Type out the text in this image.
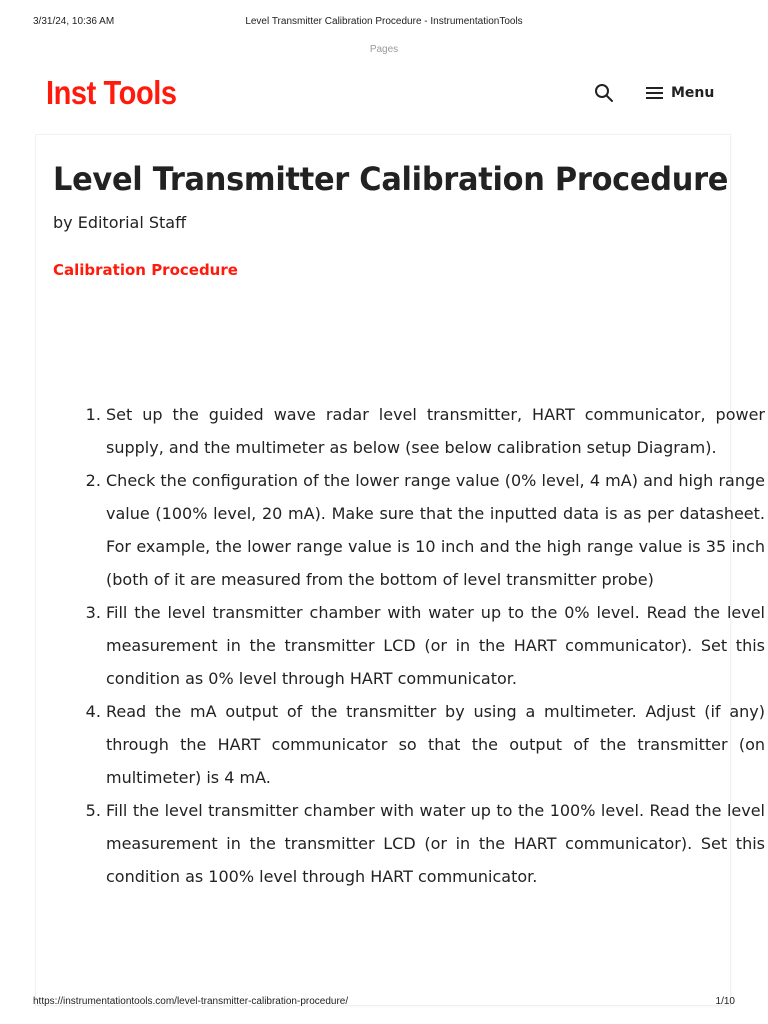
3/31/24, 10:36 AM	Level Transmitter Calibration Procedure - InstrumentationTools
Pages
Inst Tools	Menu
Level Transmitter Calibration Procedure
by Editorial Staff
Calibration Procedure
1. Set up the guided wave radar level transmitter, HART communicator, power supply, and the multimeter as below (see below calibration setup Diagram).
2. Check the configuration of the lower range value (0% level, 4 mA) and high range value (100% level, 20 mA). Make sure that the inputted data is as per datasheet. For example, the lower range value is 10 inch and the high range value is 35 inch (both of it are measured from the bottom of level transmitter probe)
3. Fill the level transmitter chamber with water up to the 0% level. Read the level measurement in the transmitter LCD (or in the HART communicator). Set this condition as 0% level through HART communicator.
4. Read the mA output of the transmitter by using a multimeter. Adjust (if any) through the HART communicator so that the output of the transmitter (on multimeter) is 4 mA.
5. Fill the level transmitter chamber with water up to the 100% level. Read the level measurement in the transmitter LCD (or in the HART communicator). Set this condition as 100% level through HART communicator.
https://instrumentationtools.com/level-transmitter-calibration-procedure/	1/10
